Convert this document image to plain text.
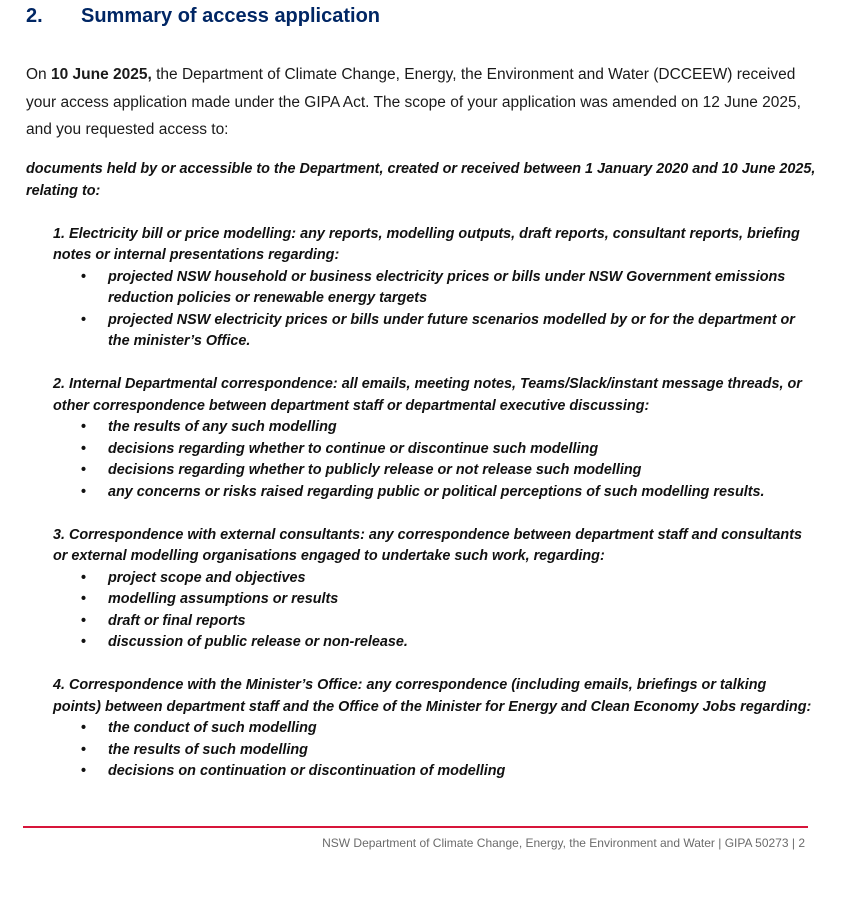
2. Summary of access application

On 10 June 2025, the Department of Climate Change, Energy, the Environment and Water (DCCEEW) received your access application made under the GIPA Act. The scope of your application was amended on 12 June 2025, and you requested access to:

documents held by or accessible to the Department, created or received between 1 January 2020 and 10 June 2025, relating to:

1. Electricity bill or price modelling: any reports, modelling outputs, draft reports, consultant reports, briefing notes or internal presentations regarding:

• projected NSW household or business electricity prices or bills under NSW Government emissions reduction policies or renewable energy targets
• projected NSW electricity prices or bills under future scenarios modelled by or for the department or the minister’s Office.

2. Internal Departmental correspondence: all emails, meeting notes, Teams/Slack/instant message threads, or other correspondence between department staff or departmental executive discussing:

• the results of any such modelling
• decisions regarding whether to continue or discontinue such modelling
• decisions regarding whether to publicly release or not release such modelling
• any concerns or risks raised regarding public or political perceptions of such modelling results.

3. Correspondence with external consultants: any correspondence between department staff and consultants or external modelling organisations engaged to undertake such work, regarding:

• project scope and objectives
• modelling assumptions or results
• draft or final reports
• discussion of public release or non-release.

4. Correspondence with the Minister’s Office: any correspondence (including emails, briefings or talking points) between department staff and the Office of the Minister for Energy and Clean Economy Jobs regarding:

• the conduct of such modelling
• the results of such modelling
• decisions on continuation or discontinuation of modelling
NSW Department of Climate Change, Energy, the Environment and Water | GIPA 50273 | 2
